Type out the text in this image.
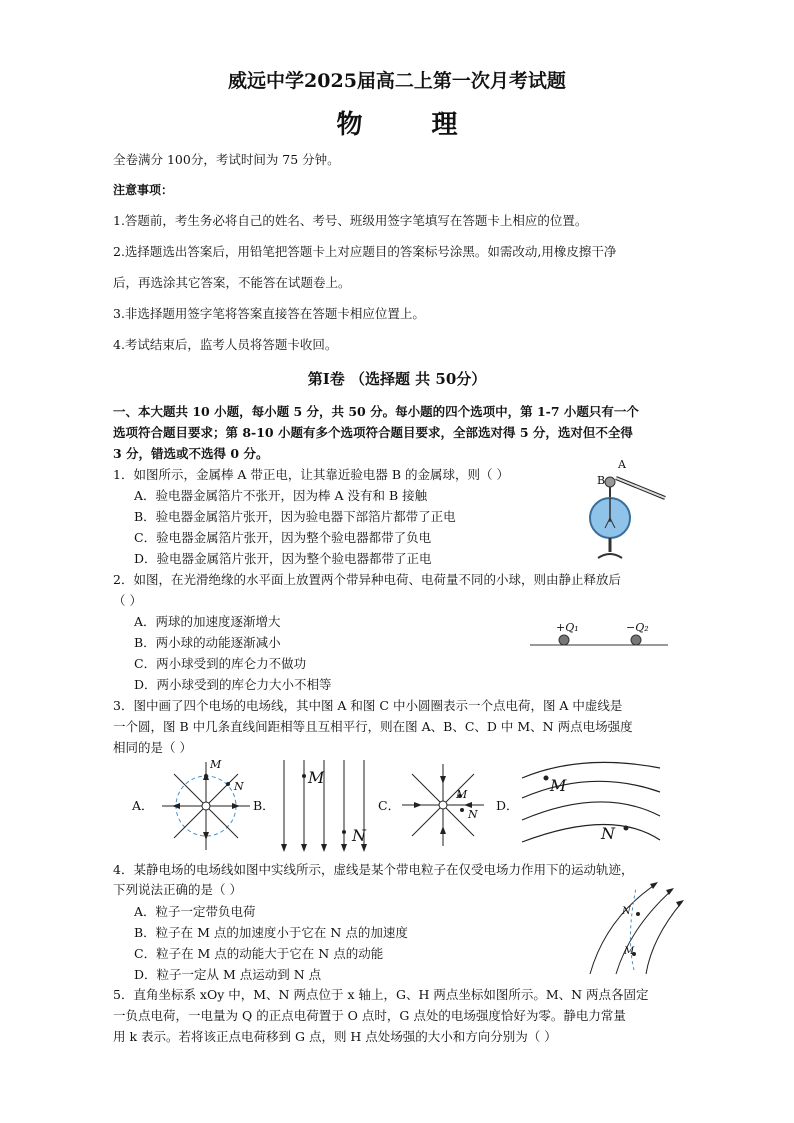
威远中学2025届高二上第一次月考试题
物 理
全卷满分 100分，考试时间为 75 分钟。
注意事项：
1.答题前，考生务必将自己的姓名、考号、班级用签字笔填写在答题卡上相应的位置。
2.选择题选出答案后，用铅笔把答题卡上对应题目的答案标号涂黑。如需改动,用橡皮擦干净
后，再选涂其它答案，不能答在试题卷上。
3.非选择题用签字笔将答案直接答在答题卡相应位置上。
4.考试结束后，监考人员将答题卡收回。
第Ⅰ卷 （选择题 共 50分）
一、本大题共 10 小题，每小题 5 分，共 50 分。每小题的四个选项中，第 1-7 小题只有一个
选项符合题目要求；第 8-10 小题有多个选项符合题目要求，全部选对得 5 分，选对但不全得
3 分，错选或不选得 0 分。
1．如图所示，金属棒 A 带正电，让其靠近验电器 B 的金属球，则（ ）
A．验电器金属箔片不张开，因为棒 A 没有和 B 接触
B．验电器金属箔片张开，因为验电器下部箔片都带了正电
C．验电器金属箔片张开，因为整个验电器都带了负电
D．验电器金属箔片张开，因为整个验电器都带了正电
A
B
2．如图，在光滑绝缘的水平面上放置两个带异种电荷、电荷量不同的小球，则由静止释放后
（ ）
A．两球的加速度逐渐增大
B．两小球的动能逐渐减小
C．两小球受到的库仑力不做功
D．两小球受到的库仑力大小不相等
+Q₁	−Q₂
3．图中画了四个电场的电场线，其中图 A 和图 C 中小圆圈表示一个点电荷，图 A 中虚线是
一个圆，图 B 中几条直线间距相等且互相平行，则在图 A、B、C、D 中 M、N 两点电场强度
相同的是（ ）
A．	B．	C．	D．
M
N	M
N
M
N
M
N
4．某静电场的电场线如图中实线所示，虚线是某个带电粒子在仅受电场力作用下的运动轨迹，
下列说法正确的是（ ）
A．粒子一定带负电荷
B．粒子在 M 点的加速度小于它在 N 点的加速度
C．粒子在 M 点的动能大于它在 N 点的动能
D．粒子一定从 M 点运动到 N 点
N
M
5．直角坐标系 xOy 中，M、N 两点位于 x 轴上，G、H 两点坐标如图所示。M、N 两点各固定
一负点电荷，一电量为 Q 的正点电荷置于 O 点时，G 点处的电场强度恰好为零。静电力常量
用 k 表示。若将该正点电荷移到 G 点，则 H 点处场强的大小和方向分别为（ ）
